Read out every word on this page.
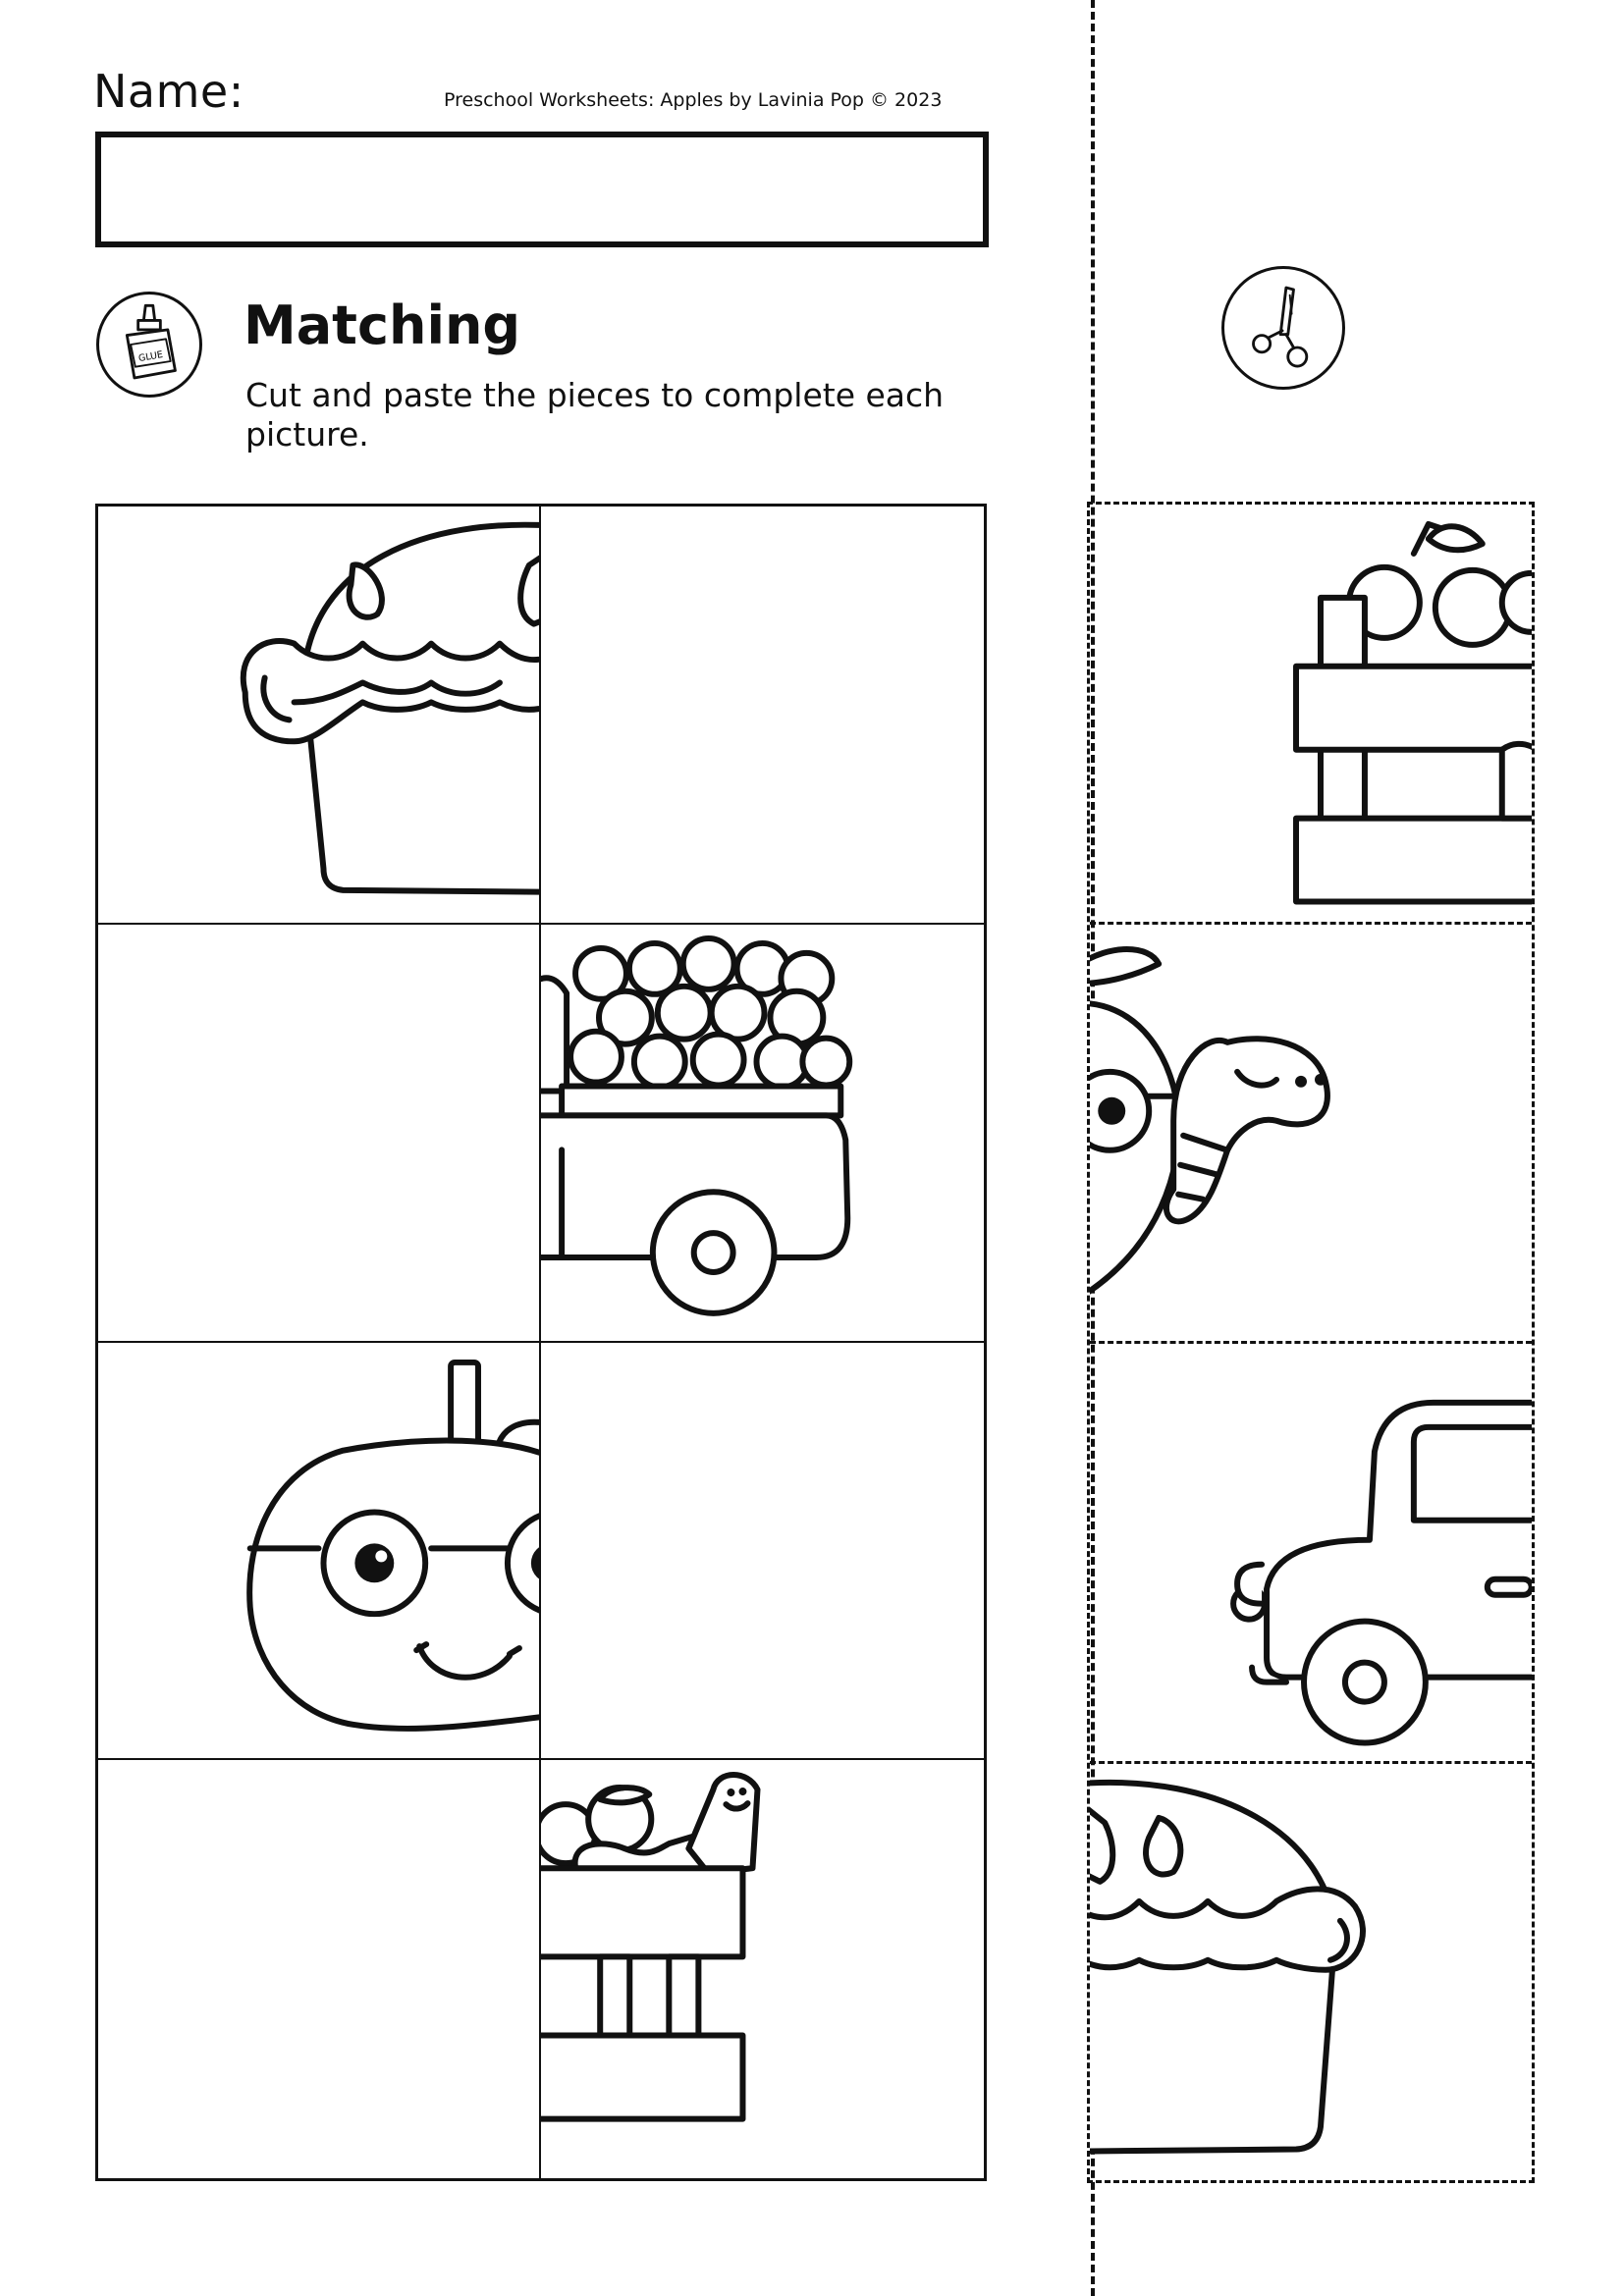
Name:	Preschool Worksheets: Apples by Lavinia Pop © 2023
GLUE
Matching
Cut and paste the pieces to complete each picture.
